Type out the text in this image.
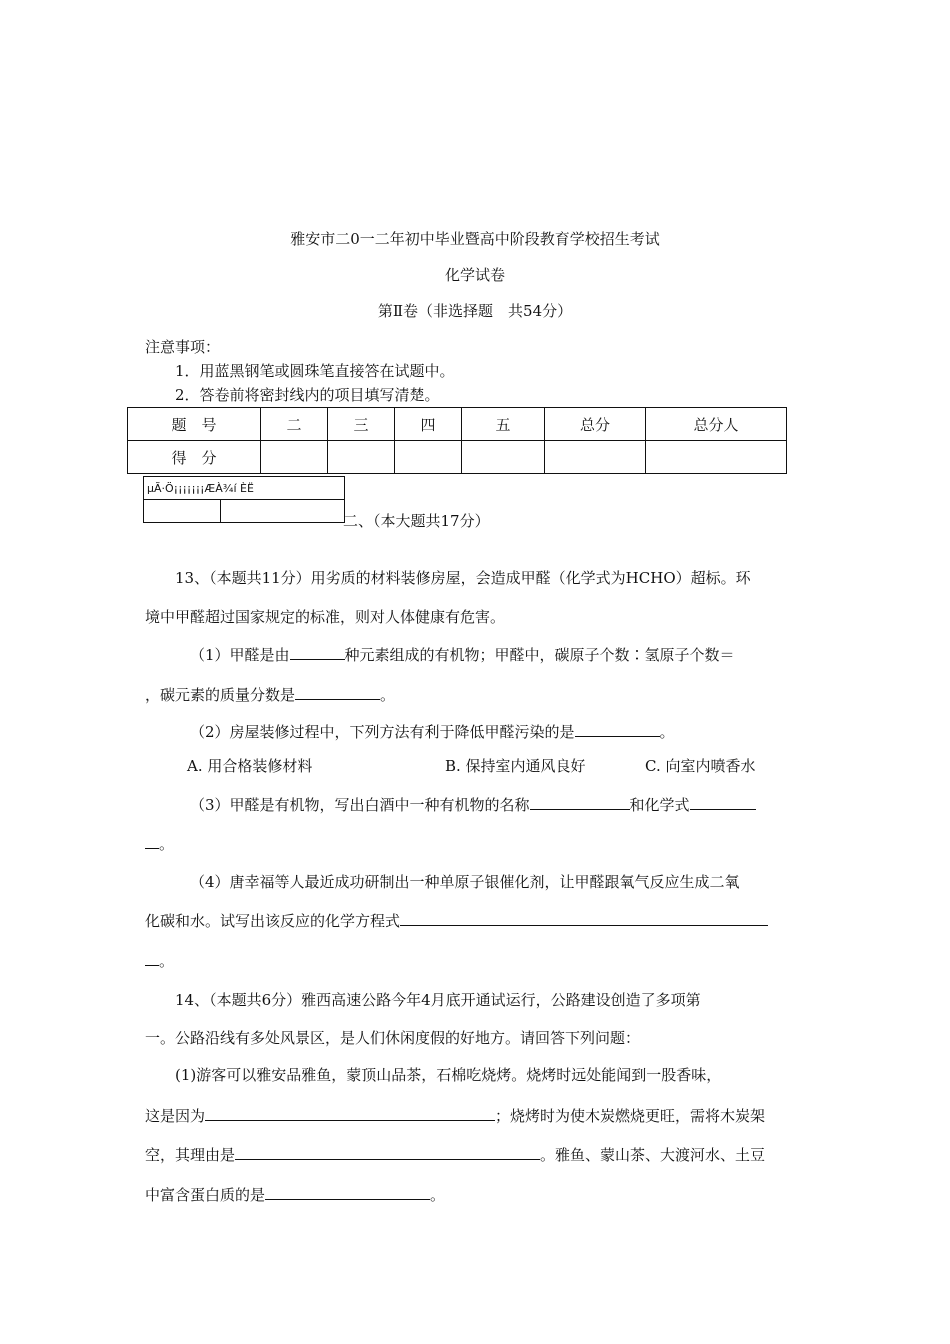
雅安市二0一二年初中毕业暨高中阶段教育学校招生考试
化学试卷
第Ⅱ卷（非选择题　共54分）
注意事项：
1．用蓝黑钢笔或圆珠笔直接答在试题中。
2．答卷前将密封线内的项目填写清楚。
题　号	二	三	四	五	总分	总分人
得　分						
µÃ·Ö¡¡¡¡¡¡¡ÆÀ¾í ÈË

二、（本大题共17分）
13、（本题共11分）用劣质的材料装修房屋，会造成甲醛（化学式为HCHO）超标。环
境中甲醛超过国家规定的标准，则对人体健康有危害。
（1）甲醛是由	种元素组成的有机物；甲醛中，碳原子个数∶氢原子个数＝
，碳元素的质量分数是	。
（2）房屋装修过程中，下列方法有利于降低甲醛污染的是	。
A. 用合格装修材料	B. 保持室内通风良好	C. 向室内喷香水
（3）甲醛是有机物，写出白酒中一种有机物的名称	和化学式
。
（4）唐幸福等人最近成功研制出一种单原子银催化剂，让甲醛跟氧气反应生成二氧
化碳和水。试写出该反应的化学方程式
。
14、（本题共6分）雅西高速公路今年4月底开通试运行，公路建设创造了多项第
一。公路沿线有多处风景区，是人们休闲度假的好地方。请回答下列问题：
(1)游客可以雅安品雅鱼，蒙顶山品茶，石棉吃烧烤。烧烤时远处能闻到一股香味，
这是因为	；烧烤时为使木炭燃烧更旺，需将木炭架
空，其理由是	。雅鱼、蒙山茶、大渡河水、土豆
中富含蛋白质的是	。
